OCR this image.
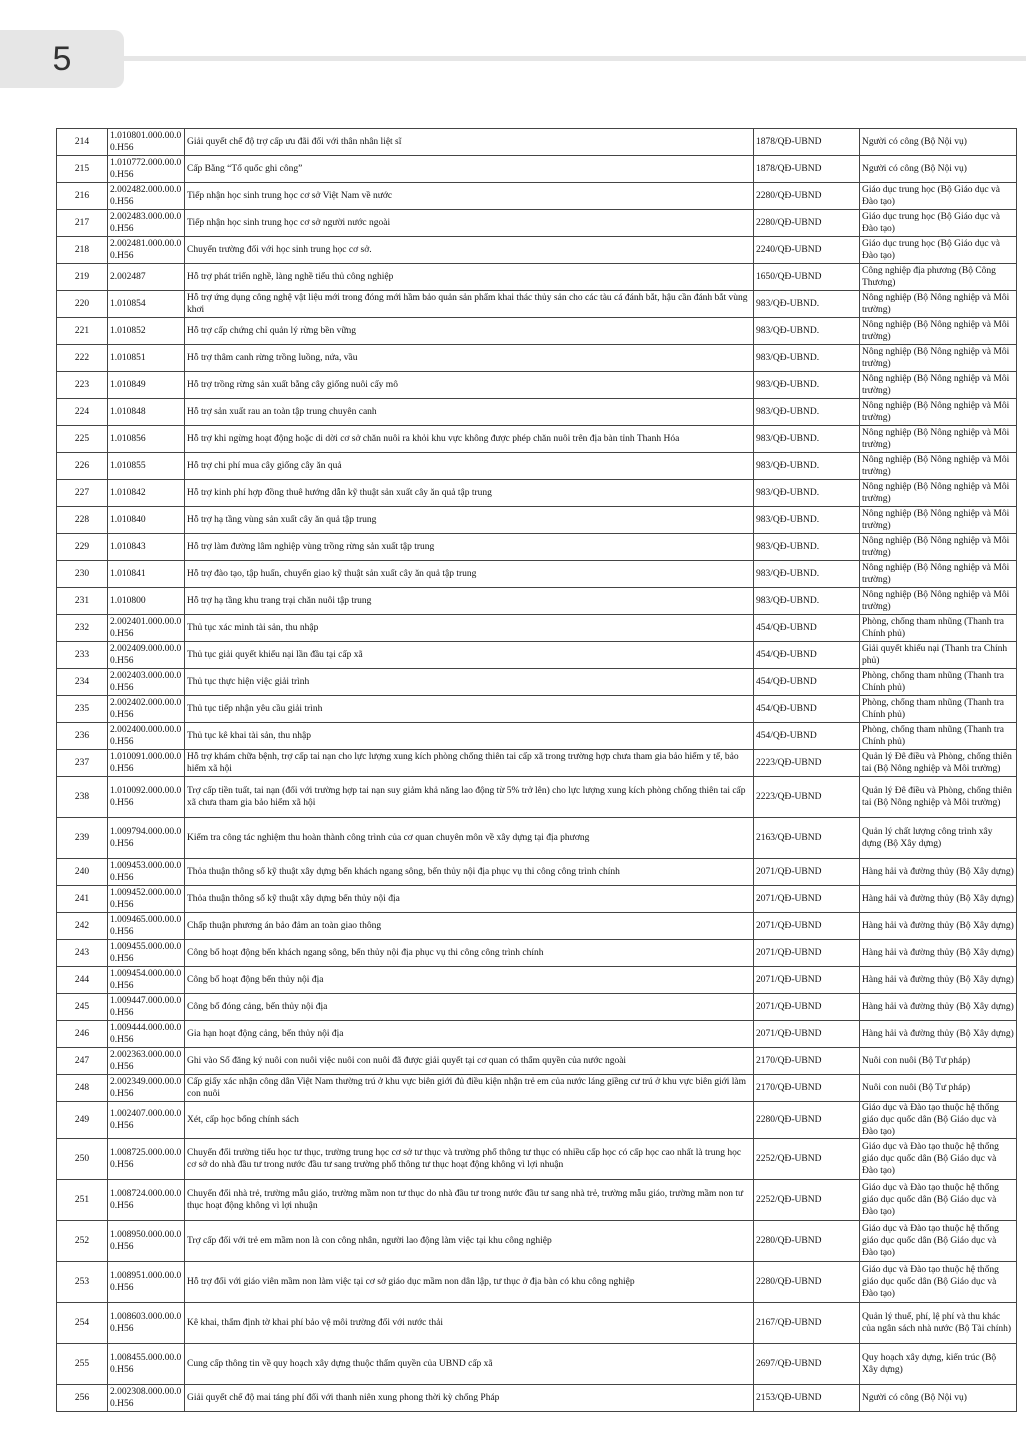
5
214	1.010801.000.00.00.H56	Giải quyết chế độ trợ cấp ưu đãi đối với thân nhân liệt sĩ	1878/QĐ-UBND	Người có công (Bộ Nội vụ)
215	1.010772.000.00.00.H56	Cấp Bằng “Tổ quốc ghi công”	1878/QĐ-UBND	Người có công (Bộ Nội vụ)
216	2.002482.000.00.00.H56	Tiếp nhận học sinh trung học cơ sở Việt Nam về nước	2280/QĐ-UBND	Giáo dục trung học (Bộ Giáo dục và Đào tạo)
217	2.002483.000.00.00.H56	Tiếp nhận học sinh trung học cơ sở người nước ngoài	2280/QĐ-UBND	Giáo dục trung học (Bộ Giáo dục và Đào tạo)
218	2.002481.000.00.00.H56	Chuyển trường đối với học sinh trung học cơ sở.	2240/QĐ-UBND	Giáo dục trung học (Bộ Giáo dục và Đào tạo)
219	2.002487	Hỗ trợ phát triển nghề, làng nghề tiểu thủ công nghiệp	1650/QĐ-UBND	Công nghiệp địa phương (Bộ Công Thương)
220	1.010854	Hỗ trợ ứng dụng công nghệ vật liệu mới trong đóng mới hầm bảo quản sản phẩm khai thác thủy sản cho các tàu cá đánh bắt, hậu cần đánh bắt vùng khơi	983/QĐ-UBND.	Nông nghiệp (Bộ Nông nghiệp và Môi trường)
221	1.010852	Hỗ trợ cấp chứng chỉ quản lý rừng bền vững	983/QĐ-UBND.	Nông nghiệp (Bộ Nông nghiệp và Môi trường)
222	1.010851	Hỗ trợ thâm canh rừng trồng luồng, nứa, vầu	983/QĐ-UBND.	Nông nghiệp (Bộ Nông nghiệp và Môi trường)
223	1.010849	Hỗ trợ trồng rừng sản xuất bằng cây giống nuôi cấy mô	983/QĐ-UBND.	Nông nghiệp (Bộ Nông nghiệp và Môi trường)
224	1.010848	Hỗ trợ sản xuất rau an toàn tập trung chuyên canh	983/QĐ-UBND.	Nông nghiệp (Bộ Nông nghiệp và Môi trường)
225	1.010856	Hỗ trợ khi ngừng hoạt động hoặc di dời cơ sở chăn nuôi ra khỏi khu vực không được phép chăn nuôi trên địa bàn tỉnh Thanh Hóa	983/QĐ-UBND.	Nông nghiệp (Bộ Nông nghiệp và Môi trường)
226	1.010855	Hỗ trợ chi phí mua cây giống cây ăn quả	983/QĐ-UBND.	Nông nghiệp (Bộ Nông nghiệp và Môi trường)
227	1.010842	Hỗ trợ kinh phí hợp đồng thuê hướng dẫn kỹ thuật sản xuất cây ăn quả tập trung	983/QĐ-UBND.	Nông nghiệp (Bộ Nông nghiệp và Môi trường)
228	1.010840	Hỗ trợ hạ tầng vùng sản xuất cây ăn quả tập trung	983/QĐ-UBND.	Nông nghiệp (Bộ Nông nghiệp và Môi trường)
229	1.010843	Hỗ trợ làm đường lâm nghiệp vùng trồng rừng sản xuất tập trung	983/QĐ-UBND.	Nông nghiệp (Bộ Nông nghiệp và Môi trường)
230	1.010841	Hỗ trợ đào tạo, tập huấn, chuyển giao kỹ thuật sản xuất cây ăn quả tập trung	983/QĐ-UBND.	Nông nghiệp (Bộ Nông nghiệp và Môi trường)
231	1.010800	Hỗ trợ hạ tầng khu trang trại chăn nuôi tập trung	983/QĐ-UBND.	Nông nghiệp (Bộ Nông nghiệp và Môi trường)
232	2.002401.000.00.00.H56	Thủ tục xác minh tài sản, thu nhập	454/QĐ-UBND	Phòng, chống tham nhũng (Thanh tra Chính phủ)
233	2.002409.000.00.00.H56	Thủ tục giải quyết khiếu nại lần đầu tại cấp xã	454/QĐ-UBND	Giải quyết khiếu nại (Thanh tra Chính phủ)
234	2.002403.000.00.00.H56	Thủ tục thực hiện việc giải trình	454/QĐ-UBND	Phòng, chống tham nhũng (Thanh tra Chính phủ)
235	2.002402.000.00.00.H56	Thủ tục tiếp nhận yêu cầu giải trình	454/QĐ-UBND	Phòng, chống tham nhũng (Thanh tra Chính phủ)
236	2.002400.000.00.00.H56	Thủ tục kê khai tài sản, thu nhập	454/QĐ-UBND	Phòng, chống tham nhũng (Thanh tra Chính phủ)
237	1.010091.000.00.00.H56	Hỗ trợ khám chữa bệnh, trợ cấp tai nạn cho lực lượng xung kích phòng chống thiên tai cấp xã trong trường hợp chưa tham gia bảo hiểm y tế, bảo hiểm xã hội	2223/QĐ-UBND	Quản lý Đê điều và Phòng, chống thiên tai (Bộ Nông nghiệp và Môi trường)
238	1.010092.000.00.00.H56	Trợ cấp tiền tuất, tai nạn (đối với trường hợp tai nạn suy giảm khả năng lao động từ 5% trở lên) cho lực lượng xung kích phòng chống thiên tai cấp xã chưa tham gia bảo hiểm xã hội	2223/QĐ-UBND	Quản lý Đê điều và Phòng, chống thiên tai (Bộ Nông nghiệp và Môi trường)
239	1.009794.000.00.00.H56	Kiểm tra công tác nghiệm thu hoàn thành công trình của cơ quan chuyên môn về xây dựng tại địa phương	2163/QĐ-UBND	Quản lý chất lượng công trình xây dựng (Bộ Xây dựng)
240	1.009453.000.00.00.H56	Thỏa thuận thông số kỹ thuật xây dựng bến khách ngang sông, bến thủy nội địa phục vụ thi công công trình chính	2071/QĐ-UBND	Hàng hải và đường thủy (Bộ Xây dựng)
241	1.009452.000.00.00.H56	Thỏa thuận thông số kỹ thuật xây dựng bến thủy nội địa	2071/QĐ-UBND	Hàng hải và đường thủy (Bộ Xây dựng)
242	1.009465.000.00.00.H56	Chấp thuận phương án bảo đảm an toàn giao thông	2071/QĐ-UBND	Hàng hải và đường thủy (Bộ Xây dựng)
243	1.009455.000.00.00.H56	Công bố hoạt động bến khách ngang sông, bến thủy nội địa phục vụ thi công công trình chính	2071/QĐ-UBND	Hàng hải và đường thủy (Bộ Xây dựng)
244	1.009454.000.00.00.H56	Công bố hoạt động bến thủy nội địa	2071/QĐ-UBND	Hàng hải và đường thủy (Bộ Xây dựng)
245	1.009447.000.00.00.H56	Công bố đóng cảng, bến thủy nội địa	2071/QĐ-UBND	Hàng hải và đường thủy (Bộ Xây dựng)
246	1.009444.000.00.00.H56	Gia hạn hoạt động cảng, bến thủy nội địa	2071/QĐ-UBND	Hàng hải và đường thủy (Bộ Xây dựng)
247	2.002363.000.00.00.H56	Ghi vào Sổ đăng ký nuôi con nuôi việc nuôi con nuôi đã được giải quyết tại cơ quan có thẩm quyền của nước ngoài	2170/QĐ-UBND	Nuôi con nuôi (Bộ Tư pháp)
248	2.002349.000.00.00.H56	Cấp giấy xác nhận công dân Việt Nam thường trú ở khu vực biên giới đủ điều kiện nhận trẻ em của nước láng giềng cư trú ở khu vực biên giới làm con nuôi	2170/QĐ-UBND	Nuôi con nuôi (Bộ Tư pháp)
249	1.002407.000.00.00.H56	Xét, cấp học bổng chính sách	2280/QĐ-UBND	Giáo dục và Đào tạo thuộc hệ thống giáo dục quốc dân (Bộ Giáo dục và Đào tạo)
250	1.008725.000.00.00.H56	Chuyển đổi trường tiểu học tư thục, trường trung học cơ sở tư thục và trường phổ thông tư thục có nhiều cấp học có cấp học cao nhất là trung học cơ sở do nhà đầu tư trong nước đầu tư sang trường phổ thông tư thục hoạt động không vì lợi nhuận	2252/QĐ-UBND	Giáo dục và Đào tạo thuộc hệ thống giáo dục quốc dân (Bộ Giáo dục và Đào tạo)
251	1.008724.000.00.00.H56	Chuyển đổi nhà trẻ, trường mẫu giáo, trường mầm non tư thục do nhà đầu tư trong nước đầu tư sang nhà trẻ, trường mẫu giáo, trường mầm non tư thục hoạt động không vì lợi nhuận	2252/QĐ-UBND	Giáo dục và Đào tạo thuộc hệ thống giáo dục quốc dân (Bộ Giáo dục và Đào tạo)
252	1.008950.000.00.00.H56	Trợ cấp đối với trẻ em mầm non là con công nhân, người lao động làm việc tại khu công nghiệp	2280/QĐ-UBND	Giáo dục và Đào tạo thuộc hệ thống giáo dục quốc dân (Bộ Giáo dục và Đào tạo)
253	1.008951.000.00.00.H56	Hỗ trợ đối với giáo viên mầm non làm việc tại cơ sở giáo dục mầm non dân lập, tư thục ở địa bàn có khu công nghiệp	2280/QĐ-UBND	Giáo dục và Đào tạo thuộc hệ thống giáo dục quốc dân (Bộ Giáo dục và Đào tạo)
254	1.008603.000.00.00.H56	Kê khai, thẩm định tờ khai phí bảo vệ môi trường đối với nước thải	2167/QĐ-UBND	Quản lý thuế, phí, lệ phí và thu khác của ngân sách nhà nước (Bộ Tài chính)
255	1.008455.000.00.00.H56	Cung cấp thông tin về quy hoạch xây dựng thuộc thẩm quyền của UBND cấp xã	2697/QĐ-UBND	Quy hoạch xây dựng, kiến trúc (Bộ Xây dựng)
256	2.002308.000.00.00.H56	Giải quyết chế độ mai táng phí đối với thanh niên xung phong thời kỳ chống Pháp	2153/QĐ-UBND	Người có công (Bộ Nội vụ)
